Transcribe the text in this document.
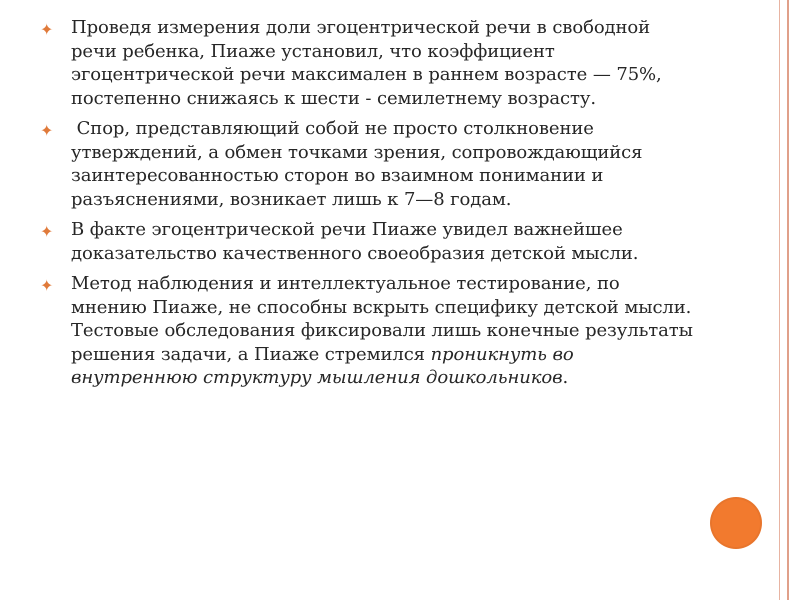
✦ Проведя измерения доли эгоцентрической речи в свободной речи ребенка, Пиаже установил, что коэффициент эгоцентрической речи максимален в раннем возрасте — 75%, постепенно снижаясь к шести - семилетнему возрасту.
✦ Спор, представляющий собой не просто столкновение утверждений, а обмен точками зрения, сопровождающийся заинтересованностью сторон во взаимном понимании и разъяснениями, возникает лишь к 7—8 годам.
✦ В факте эгоцентрической речи Пиаже увидел важнейшее доказательство качественного своеобразия детской мысли.
✦ Метод наблюдения и интеллектуальное тестирование, по мнению Пиаже, не способны вскрыть специфику детской мысли. Тестовые обследования фиксировали лишь конечные результаты решения задачи, а Пиаже стремился проникнуть во внутреннюю структуру мышления дошкольников.
